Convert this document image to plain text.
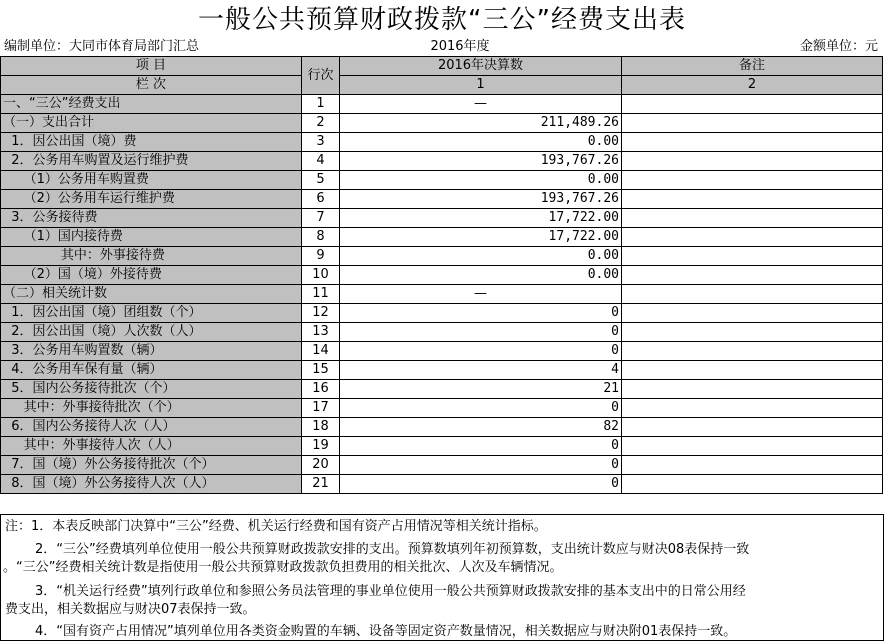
一般公共预算财政拨款“三公”经费支出表
编制单位：大同市体育局部门汇总	2016年度	金额单位：元
项 目	行次	2016年决算数	备注
栏 次		1	2
一、“三公”经费支出	1	—	
（一）支出合计	2	211,489.26	
1．因公出国（境）费	3	0.00	
2．公务用车购置及运行维护费	4	193,767.26	
（1）公务用车购置费	5	0.00	
（2）公务用车运行维护费	6	193,767.26	
3．公务接待费	7	17,722.00	
（1）国内接待费	8	17,722.00	
其中：外事接待费	9	0.00	
（2）国（境）外接待费	10	0.00	
（二）相关统计数	11	—	
1．因公出国（境）团组数（个）	12	0	
2．因公出国（境）人次数（人）	13	0	
3．公务用车购置数（辆）	14	0	
4．公务用车保有量（辆）	15	4	
5．国内公务接待批次（个）	16	21	
其中：外事接待批次（个）	17	0	
6．国内公务接待人次（人）	18	82	
其中：外事接待人次（人）	19	0	
7．国（境）外公务接待批次（个）	20	0	
8．国（境）外公务接待人次（人）	21	0	
注：1．本表反映部门决算中“三公”经费、机关运行经费和国有资产占用情况等相关统计指标。
2．“三公”经费填列单位使用一般公共预算财政拨款安排的支出。预算数填列年初预算数，支出统计数应与财决08表保持一致
。“三公”经费相关统计数是指使用一般公共预算财政拨款负担费用的相关批次、人次及车辆情况。
3．“机关运行经费”填列行政单位和参照公务员法管理的事业单位使用一般公共预算财政拨款安排的基本支出中的日常公用经
费支出，相关数据应与财决07表保持一致。
4．“国有资产占用情况”填列单位用各类资金购置的车辆、设备等固定资产数量情况，相关数据应与财决附01表保持一致。
